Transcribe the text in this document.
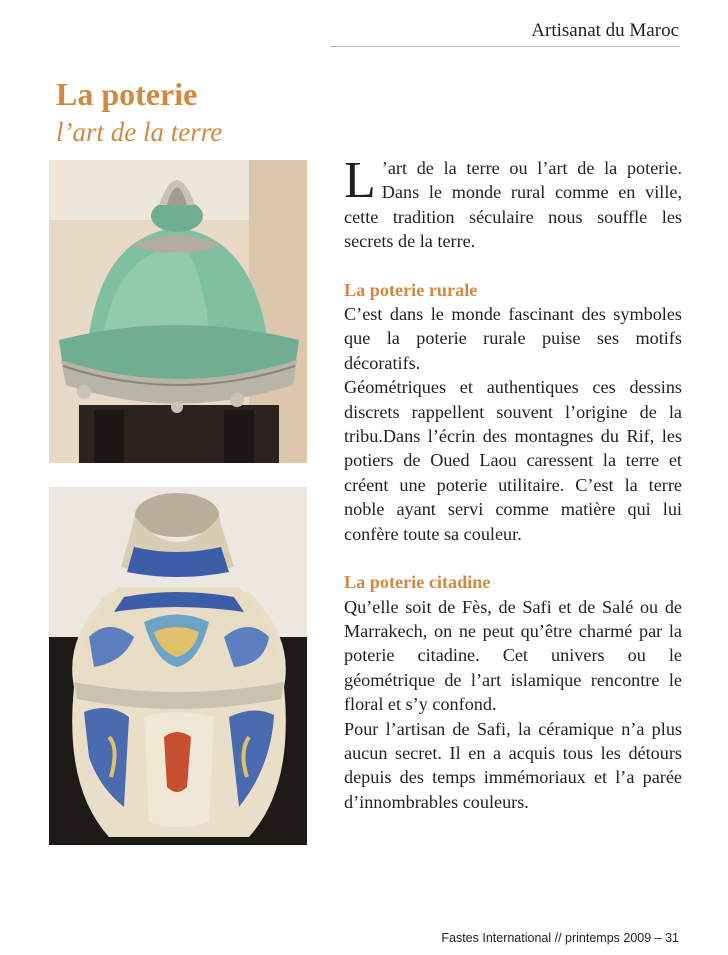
Artisanat du Maroc
La poterie
l’art de la terre

L ’art de la terre ou l’art de la poterie. Dans le monde rural comme en ville, cette tradition séculaire nous souffle les secrets de la terre.

La poterie rurale

C’est dans le monde fascinant des symboles que la poterie rurale puise ses motifs décoratifs.

Géométriques et authentiques ces dessins discrets rappellent souvent l’origine de la tribu.Dans l’écrin des montagnes du Rif, les potiers de Oued Laou caressent la terre et créent une poterie utilitaire. C’est la terre noble ayant servi comme matière qui lui confère toute sa couleur.

La poterie citadine

Qu’elle soit de Fès, de Safi et de Salé ou de Marrakech, on ne peut qu’être charmé par la poterie citadine. Cet univers ou le géométrique de l’art islamique rencontre le floral et s’y confond.

Pour l’artisan de Safi, la céramique n’a plus aucun secret. Il en a acquis tous les détours depuis des temps immémoriaux et l’a parée d’innombrables couleurs.

Fastes International // printemps 2009 – 31
